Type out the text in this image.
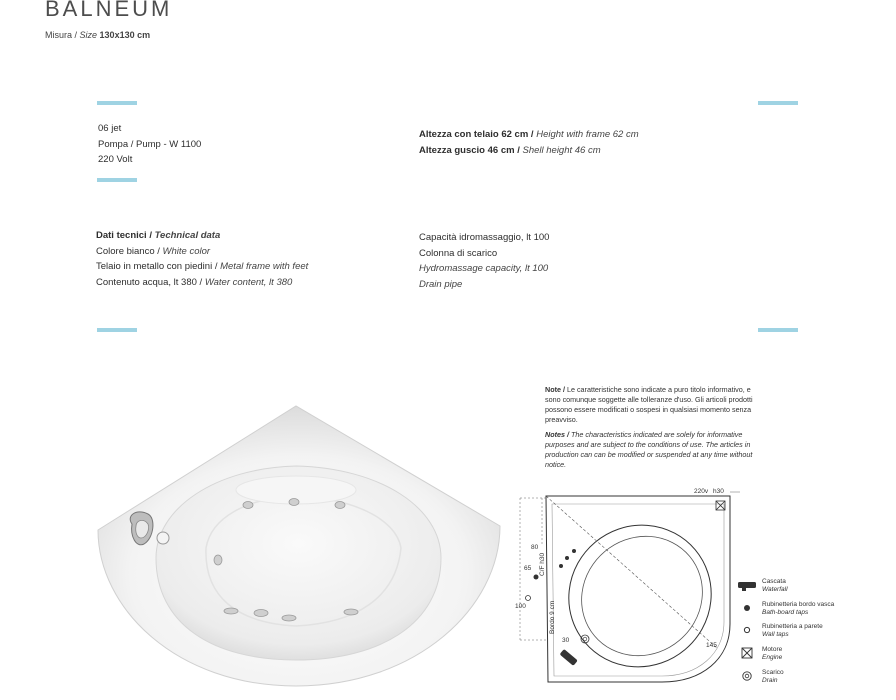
BALNEUM
Misura / Size 130x130 cm
06 jet
Pompa / Pump - W 1100
220 Volt
Altezza con telaio 62 cm / Height with frame 62 cm
Altezza guscio 46 cm / Shell height 46 cm
Dati tecnici / Technical data
Colore bianco / White color
Telaio in metallo con piedini / Metal frame with feet
Contenuto acqua, lt 380 / Water content, lt 380
Capacità idromassaggio, lt 100
Colonna di scarico
Hydromassage capacity, lt 100
Drain pipe
Note / Le caratteristiche sono indicate a puro titolo informativo, e sono comunque soggette alle tolleranze d'uso. Gli articoli prodotti possono essere modificati o sospesi in qualsiasi momento senza preavviso.
Notes / The characteristics indicated are solely for informative purposes and are subject to the conditions of use. The articles in production can can be modified or suspended at any time without notice.
220v h30
80
65 C/F h30
100	Bordo 9 cm
30
145
Cascata
Waterfall
Rubinetteria bordo vasca
Bath-board taps
Rubinetteria a parete
Wall taps
Motore
Engine
Scarico
Drain
